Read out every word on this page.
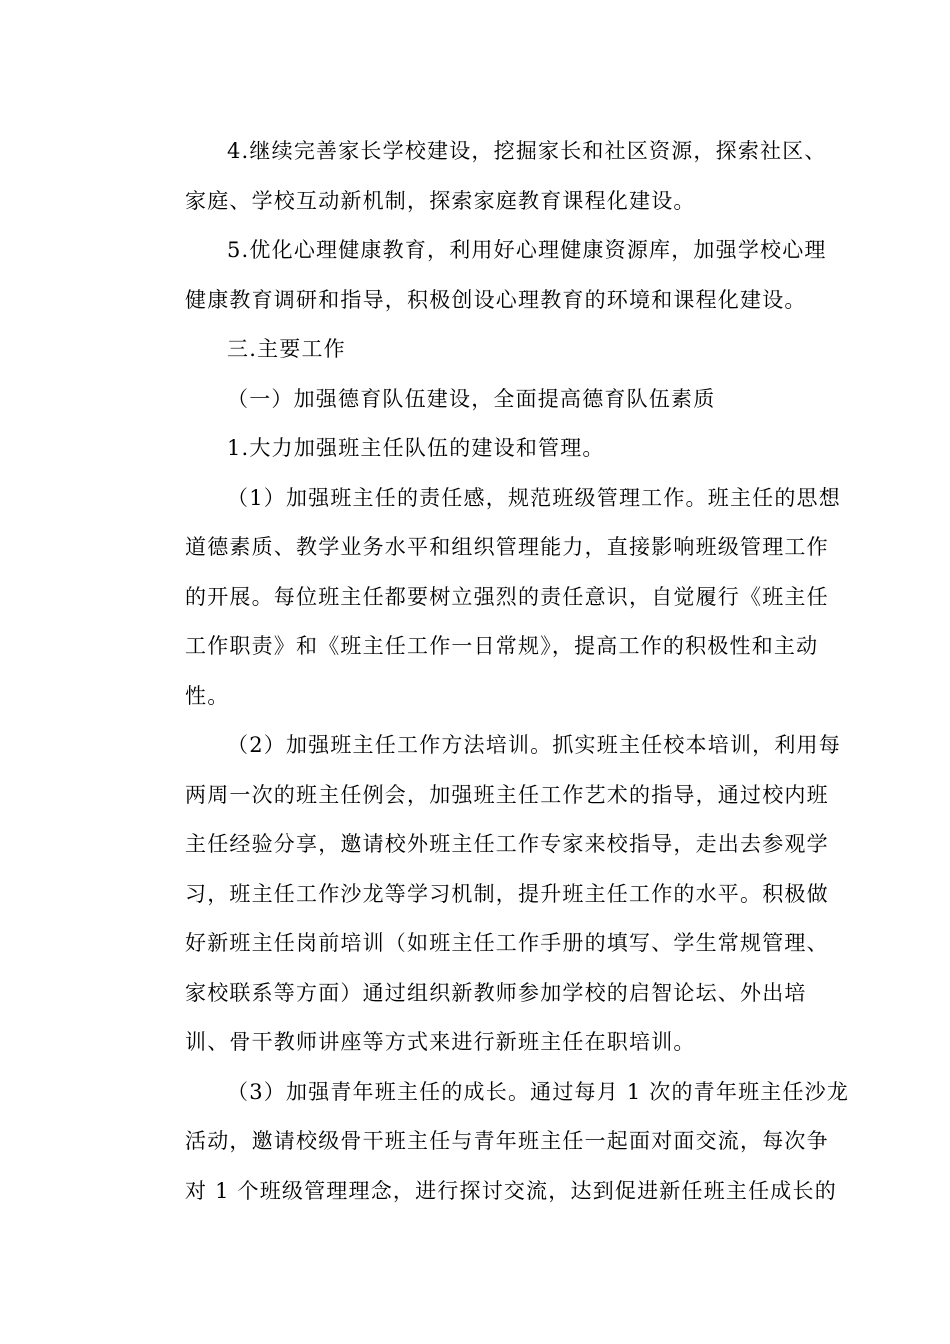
4.继续完善家长学校建设，挖掘家长和社区资源，探索社区、
家庭、学校互动新机制，探索家庭教育课程化建设。
5.优化心理健康教育，利用好心理健康资源库，加强学校心理
健康教育调研和指导，积极创设心理教育的环境和课程化建设。
三.主要工作
（一）加强德育队伍建设，全面提高德育队伍素质
1.大力加强班主任队伍的建设和管理。
（1）加强班主任的责任感，规范班级管理工作。班主任的思想
道德素质、教学业务水平和组织管理能力，直接影响班级管理工作
的开展。每位班主任都要树立强烈的责任意识，自觉履行《班主任
工作职责》和《班主任工作一日常规》，提高工作的积极性和主动
性。
（2）加强班主任工作方法培训。抓实班主任校本培训，利用每
两周一次的班主任例会，加强班主任工作艺术的指导，通过校内班
主任经验分享，邀请校外班主任工作专家来校指导，走出去参观学
习，班主任工作沙龙等学习机制，提升班主任工作的水平。积极做
好新班主任岗前培训（如班主任工作手册的填写、学生常规管理、
家校联系等方面）通过组织新教师参加学校的启智论坛、外出培
训、骨干教师讲座等方式来进行新班主任在职培训。
（3）加强青年班主任的成长。通过每月 1 次的青年班主任沙龙
活动，邀请校级骨干班主任与青年班主任一起面对面交流，每次争
对 1 个班级管理理念，进行探讨交流，达到促进新任班主任成长的
